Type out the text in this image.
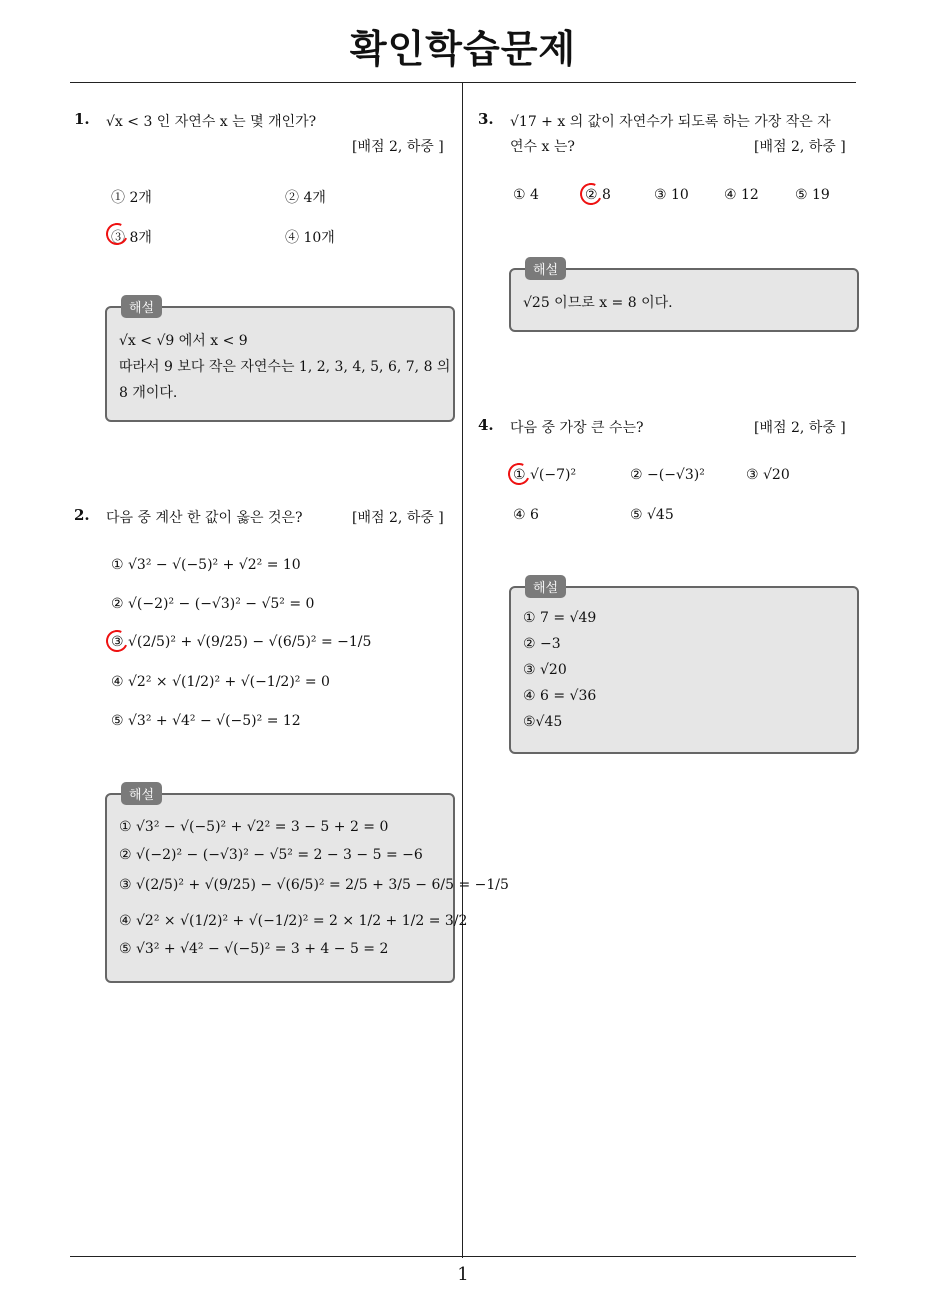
확인학습문제
1
1. √x < 3 인 자연수 x 는 몇 개인가?
[배점 2, 하중 ]
① 2개	② 4개
③ 8개	④ 10개
해설
√x < √9 에서 x < 9
따라서 9 보다 작은 자연수는 1, 2, 3, 4, 5, 6, 7, 8 의
8 개이다.
2. 다음 중 계산 한 값이 옳은 것은?	[배점 2, 하중 ]
① √3² − √(−5)² + √2² = 10
② √(−2)² − (−√3)² − √5² = 0
③ √(2/5)² + √(9/25) − √(6/5)² = −1/5
④ √2² × √(1/2)² + √(−1/2)² = 0
⑤ √3² + √4² − √(−5)² = 12
해설
① √3² − √(−5)² + √2² = 3 − 5 + 2 = 0
② √(−2)² − (−√3)² − √5² = 2 − 3 − 5 = −6
③ √(2/5)² + √(9/25) − √(6/5)² = 2/5 + 3/5 − 6/5 = −1/5
④ √2² × √(1/2)² + √(−1/2)² = 2 × 1/2 + 1/2 = 3/2
⑤ √3² + √4² − √(−5)² = 3 + 4 − 5 = 2
3. √17 + x 의 값이 자연수가 되도록 하는 가장 작은 자
연수 x 는?	[배점 2, 하중 ]
① 4	② 8	③ 10	④ 12	⑤ 19
해설
√25 이므로 x = 8 이다.
4. 다음 중 가장 큰 수는?	[배점 2, 하중 ]
① √(−7)²	② −(−√3)²	③ √20
④ 6	⑤ √45
해설
① 7 = √49
② −3
③ √20
④ 6 = √36
⑤√45
